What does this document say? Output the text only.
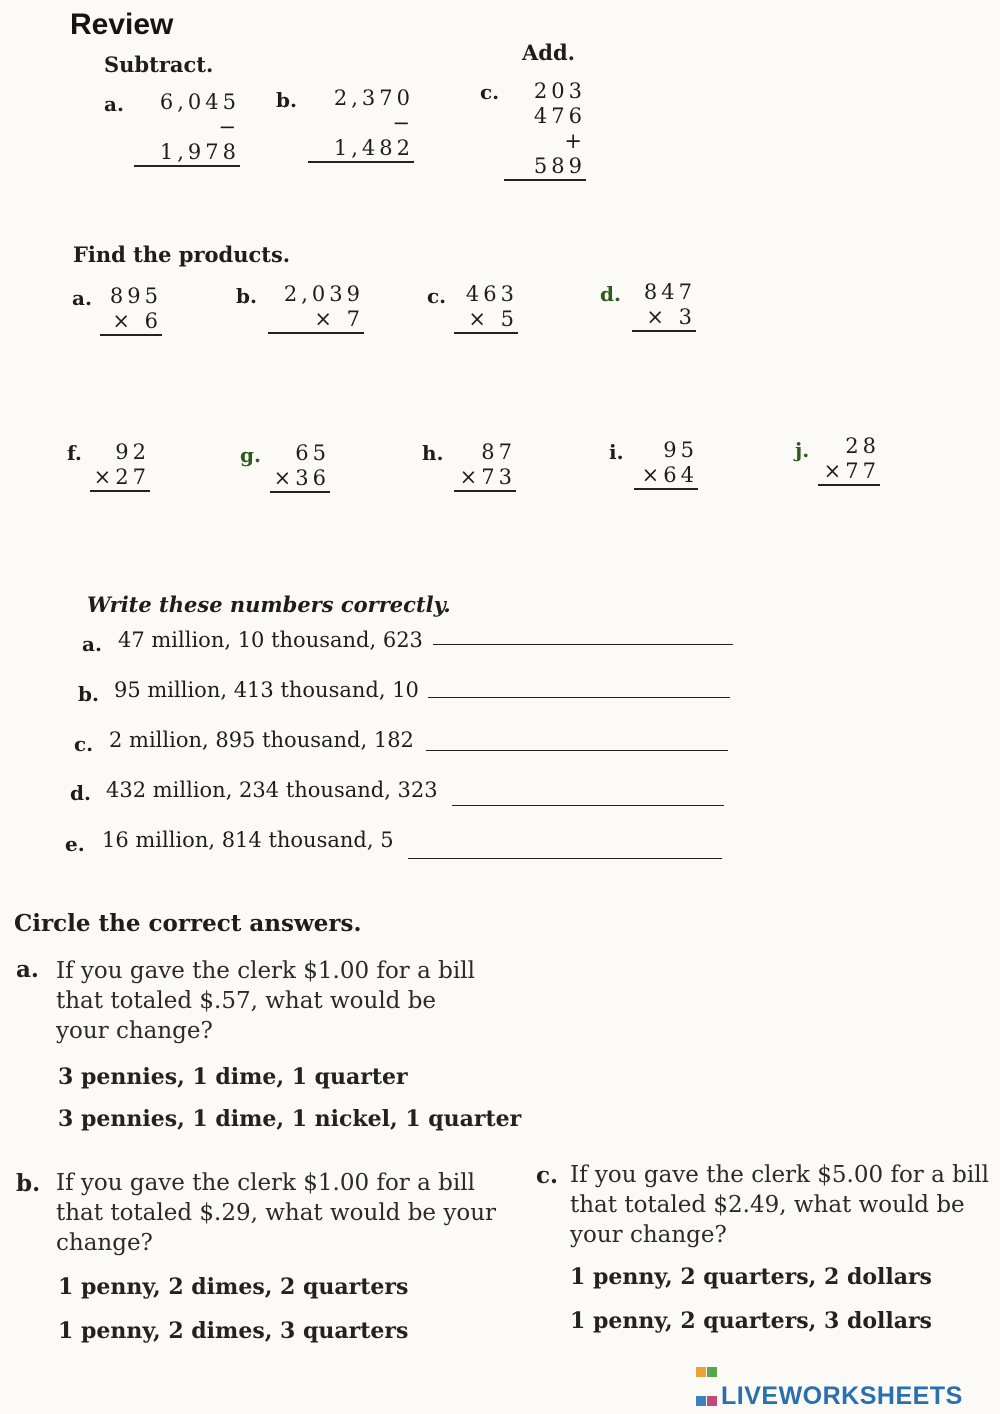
Review
Subtract.
a.	6,045
− 1,978
b.	2,370
− 1,482
Add.
c.	203
476
+ 589
Find the products.
a. 895
× 6
b.	2,039
× 7
c. 463
× 5
d.	847
× 3
f.	92
×27
g.	65
×36
h.	87
×73
i.	95
×64
j.	28
×77
Write these numbers correctly.
a. 47 million, 10 thousand, 623
b. 95 million, 413 thousand, 10
c. 2 million, 895 thousand, 182
d. 432 million, 234 thousand, 323
e. 16 million, 814 thousand, 5
Circle the correct answers.
a. If you gave the clerk $1.00 for a bill
that totaled $.57, what would be
your change?
3 pennies, 1 dime, 1 quarter
3 pennies, 1 dime, 1 nickel, 1 quarter
b. If you gave the clerk $1.00 for a bill
that totaled $.29, what would be your
change?
1 penny, 2 dimes, 2 quarters
1 penny, 2 dimes, 3 quarters
c. If you gave the clerk $5.00 for a bill
that totaled $2.49, what would be
your change?
1 penny, 2 quarters, 2 dollars
1 penny, 2 quarters, 3 dollars
LIVEWORKSHEETS
